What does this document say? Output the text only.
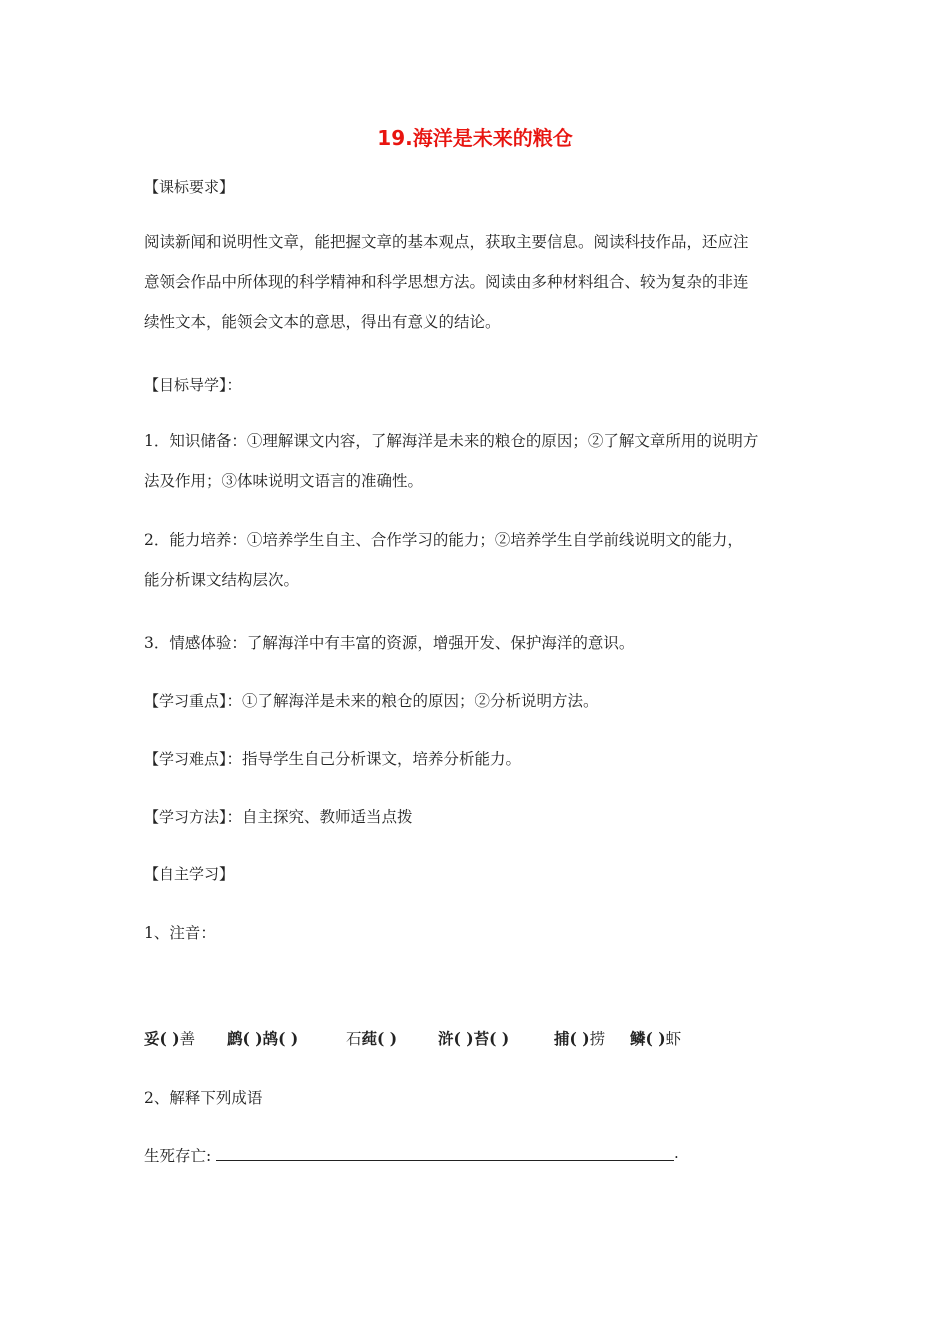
19.海洋是未来的粮仓

【课标要求】

阅读新闻和说明性文章，能把握文章的基本观点，获取主要信息。阅读科技作品，还应注
意领会作品中所体现的科学精神和科学思想方法。阅读由多种材料组合、较为复杂的非连
续性文本，能领会文本的意思，得出有意义的结论。

【目标导学】：

1．知识储备：①理解课文内容，了解海洋是未来的粮仓的原因；②了解文章所用的说明方
法及作用；③体味说明文语言的准确性。

2．能力培养：①培养学生自主、合作学习的能力；②培养学生自学前线说明文的能力，
能分析课文结构层次。

3．情感体验：了解海洋中有丰富的资源，增强开发、保护海洋的意识。

【学习重点】：①了解海洋是未来的粮仓的原因；②分析说明方法。

【学习难点】：指导学生自己分析课文，培养分析能力。

【学习方法】：自主探究、教师适当点拨

【自主学习】

1、注音：

妥( )善 鹧( )鸪( )	石莼( )	浒( )苔( )	捕( )捞 鳞( )虾

2、解释下列成语

生死存亡:	.
